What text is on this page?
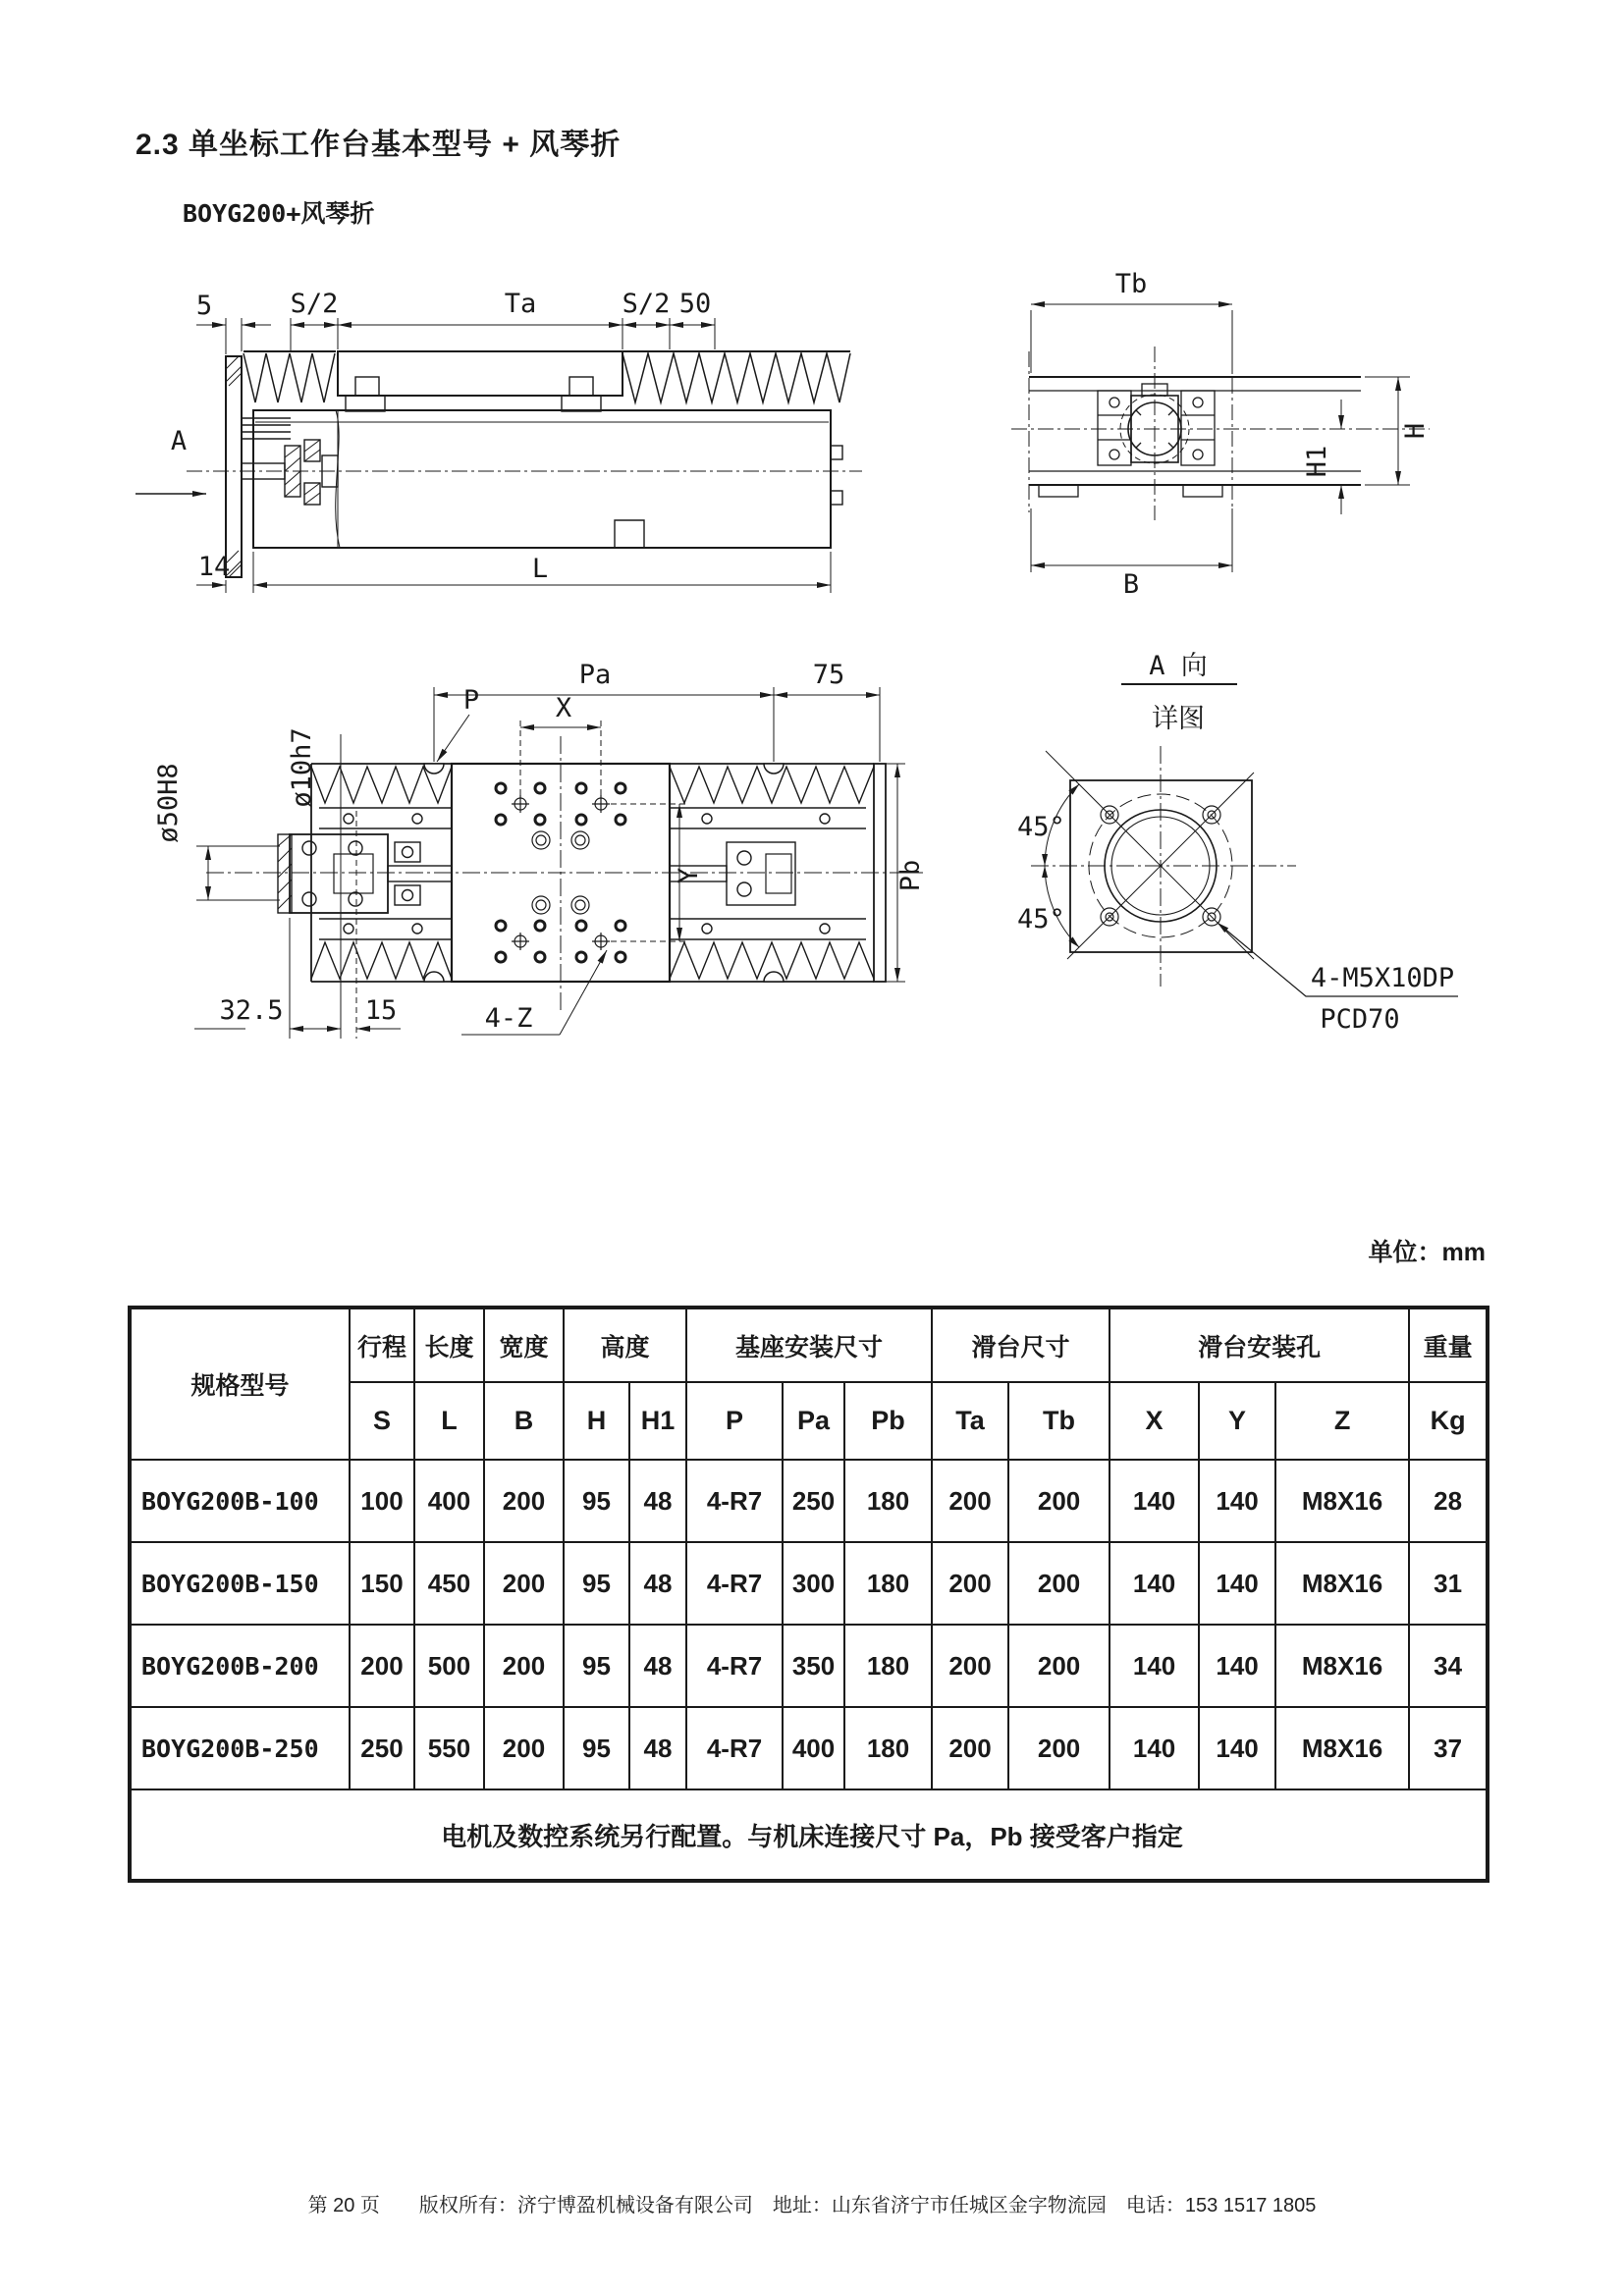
2.3 单坐标工作台基本型号 + 风琴折
BOYG200+风琴折
5	S/2	Ta	S/2 50
A
14	L
Tb
B
H
H1
Pa	75
P	X
ø10h7
ø50H8
Y	Pb
32.5	15	4-Z
A 向
详图
45°
45°
4-M5X10DP
PCD70
单位：mm
规格型号	行程	长度	宽度	高度		基座安装尺寸			滑台尺寸		滑台安装孔			重量
	S	L	B	H	H1	P	Pa	Pb	Ta	Tb	X	Y	Z	Kg
BOYG200B-100	100	400	200	95	48	4-R7	250	180	200	200	140	140	M8X16	28
BOYG200B-150	150	450	200	95	48	4-R7	300	180	200	200	140	140	M8X16	31
BOYG200B-200	200	500	200	95	48	4-R7	350	180	200	200	140	140	M8X16	34
BOYG200B-250	250	550	200	95	48	4-R7	400	180	200	200	140	140	M8X16	37
电机及数控系统另行配置。与机床连接尺寸 Pa，Pb 接受客户指定														
第 20 页　　版权所有：济宁博盈机械设备有限公司　地址：山东省济宁市任城区金字物流园　电话：153 1517 1805
